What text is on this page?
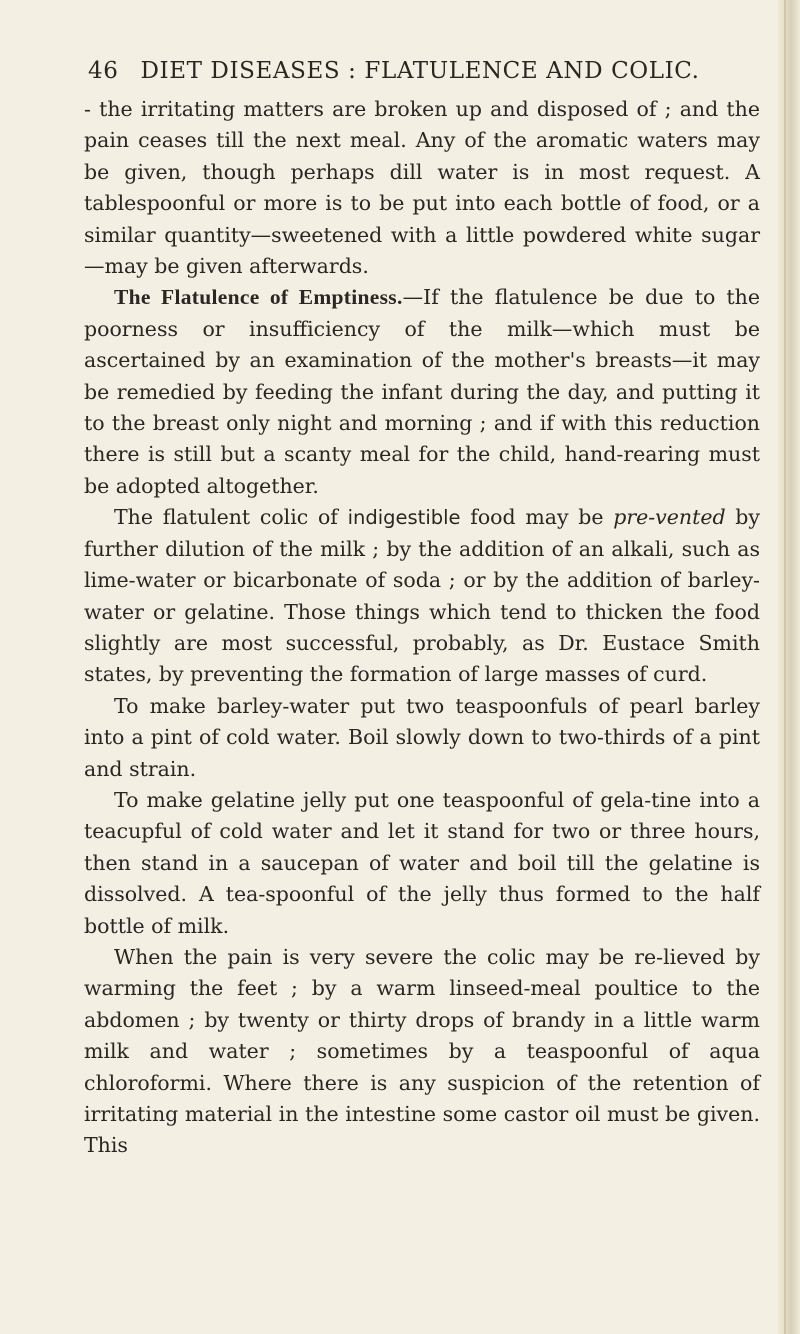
46 DIET DISEASES : FLATULENCE AND COLIC.

- the irritating matters are broken up and disposed of ; and the pain ceases till the next meal. Any of the aromatic waters may be given, though perhaps dill water is in most request. A tablespoonful or more is to be put into each bottle of food, or a similar quantity—sweetened with a little powdered white sugar—may be given afterwards.

The Flatulence of Emptiness.—If the flatulence be due to the poorness or insufficiency of the milk—which must be ascertained by an examination of the mother's breasts—it may be remedied by feeding the infant during the day, and putting it to the breast only night and morning ; and if with this reduction there is still but a scanty meal for the child, hand-rearing must be adopted altogether.

The flatulent colic of indigestible food may be pre-vented by further dilution of the milk ; by the addition of an alkali, such as lime-water or bicarbonate of soda ; or by the addition of barley-water or gelatine. Those things which tend to thicken the food slightly are most successful, probably, as Dr. Eustace Smith states, by preventing the formation of large masses of curd.

To make barley-water put two teaspoonfuls of pearl barley into a pint of cold water. Boil slowly down to two-thirds of a pint and strain.

To make gelatine jelly put one teaspoonful of gela-tine into a teacupful of cold water and let it stand for two or three hours, then stand in a saucepan of water and boil till the gelatine is dissolved. A tea-spoonful of the jelly thus formed to the half bottle of milk.

When the pain is very severe the colic may be re-lieved by warming the feet ; by a warm linseed-meal poultice to the abdomen ; by twenty or thirty drops of brandy in a little warm milk and water ; sometimes by a teaspoonful of aqua chloroformi. Where there is any suspicion of the retention of irritating material in the intestine some castor oil must be given. This
